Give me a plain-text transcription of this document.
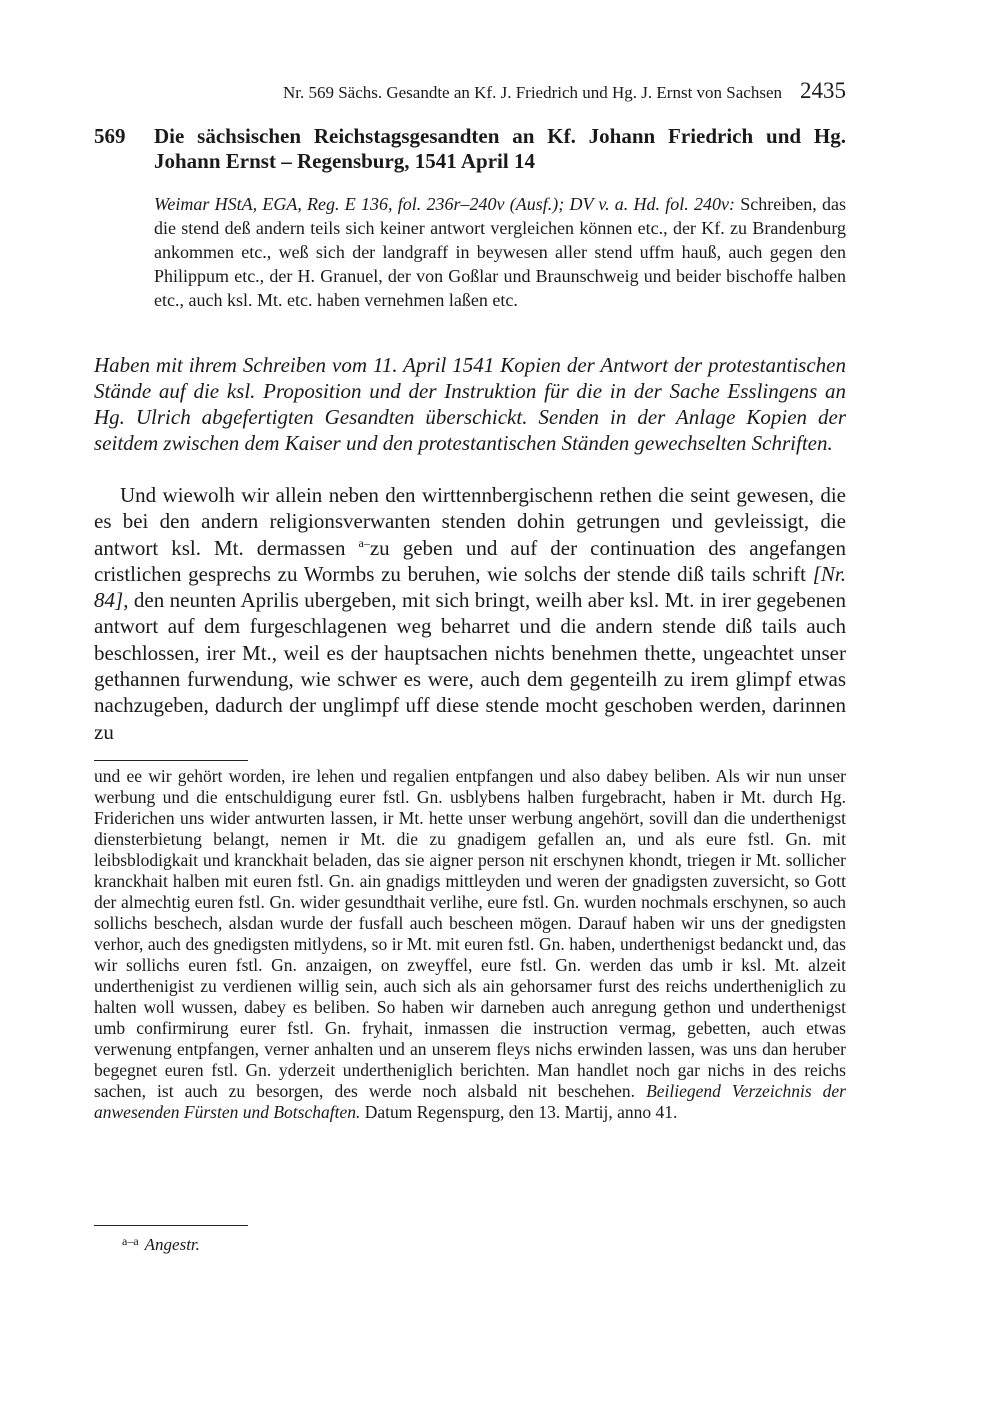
Nr. 569 Sächs. Gesandte an Kf. J. Friedrich und Hg. J. Ernst von Sachsen 2435
569 Die sächsischen Reichstagsgesandten an Kf. Johann Friedrich und Hg. Johann Ernst – Regensburg, 1541 April 14
Weimar HStA, EGA, Reg. E 136, fol. 236r–240v (Ausf.); DV v. a. Hd. fol. 240v: Schreiben, das die stend deß andern teils sich keiner antwort vergleichen können etc., der Kf. zu Brandenburg ankommen etc., weß sich der landgraff in beywesen aller stend uffm hauß, auch gegen den Philippum etc., der H. Granuel, der von Goßlar und Braunschweig und beider bischoffe halben etc., auch ksl. Mt. etc. haben vernehmen laßen etc.
Haben mit ihrem Schreiben vom 11. April 1541 Kopien der Antwort der protestantischen Stände auf die ksl. Proposition und der Instruktion für die in der Sache Esslingens an Hg. Ulrich abgefertigten Gesandten überschickt. Senden in der Anlage Kopien der seitdem zwischen dem Kaiser und den protestantischen Ständen gewechselten Schriften.
Und wiewolh wir allein neben den wirttennbergischenn rethen die seint gewesen, die es bei den andern religionsverwanten stenden dohin getrungen und gevleissigt, die antwort ksl. Mt. dermassen $^{a-}$zu geben und auf der continuation des angefangen cristlichen gesprechs zu Wormbs zu beruhen, wie solchs der stende diß tails schrift [Nr. 84], den neunten Aprilis ubergeben, mit sich bringt, weilh aber ksl. Mt. in irer gegebenen antwort auf dem furgeschlagenen weg beharret und die andern stende diß tails auch beschlossen, irer Mt., weil es der hauptsachen nichts benehmen thette, ungeachtet unser gethannen furwendung, wie schwer es were, auch dem gegenteilh zu irem glimpf etwas nachzugeben, dadurch der unglimpf uff diese stende mocht geschoben werden, darinnen zu
und ee wir gehört worden, ire lehen und regalien entpfangen und also dabey beliben. Als wir nun unser werbung und die entschuldigung eurer fstl. Gn. usblybens halben furgebracht, haben ir Mt. durch Hg. Friderichen uns wider antwurten lassen, ir Mt. hette unser werbung angehört, sovill dan die underthenigst diensterbietung belangt, nemen ir Mt. die zu gnadigem gefallen an, und als eure fstl. Gn. mit leibsblodigkait und kranckhait beladen, das sie aigner person nit erschynen khondt, triegen ir Mt. sollicher kranckhait halben mit euren fstl. Gn. ain gnadigs mittleyden und weren der gnadigsten zuversicht, so Gott der almechtig euren fstl. Gn. wider gesundthait verlihe, eure fstl. Gn. wurden nochmals erschynen, so auch sollichs beschech, alsdan wurde der fusfall auch bescheen mögen. Darauf haben wir uns der gnedigsten verhor, auch des gnedigsten mitlydens, so ir Mt. mit euren fstl. Gn. haben, underthenigst bedanckt und, das wir sollichs euren fstl. Gn. anzaigen, on zweyffel, eure fstl. Gn. werden das umb ir ksl. Mt. alzeit underthenigist zu verdienen willig sein, auch sich als ain gehorsamer furst des reichs undertheniglich zu halten woll wussen, dabey es beliben. So haben wir darneben auch anregung gethon und underthenigst umb confirmirung eurer fstl. Gn. fryhait, inmassen die instruction vermag, gebetten, auch etwas verwenung entpfangen, verner anhalten und an unserem fleys nichs erwinden lassen, was uns dan heruber begegnet euren fstl. Gn. yderzeit undertheniglich berichten. Man handlet noch gar nichs in des reichs sachen, ist auch zu besorgen, des werde noch alsbald nit beschehen. Beiliegend Verzeichnis der anwesenden Fürsten und Botschaften. Datum Regenspurg, den 13. Martij, anno 41.
$^{a-a}$ Angestr.
